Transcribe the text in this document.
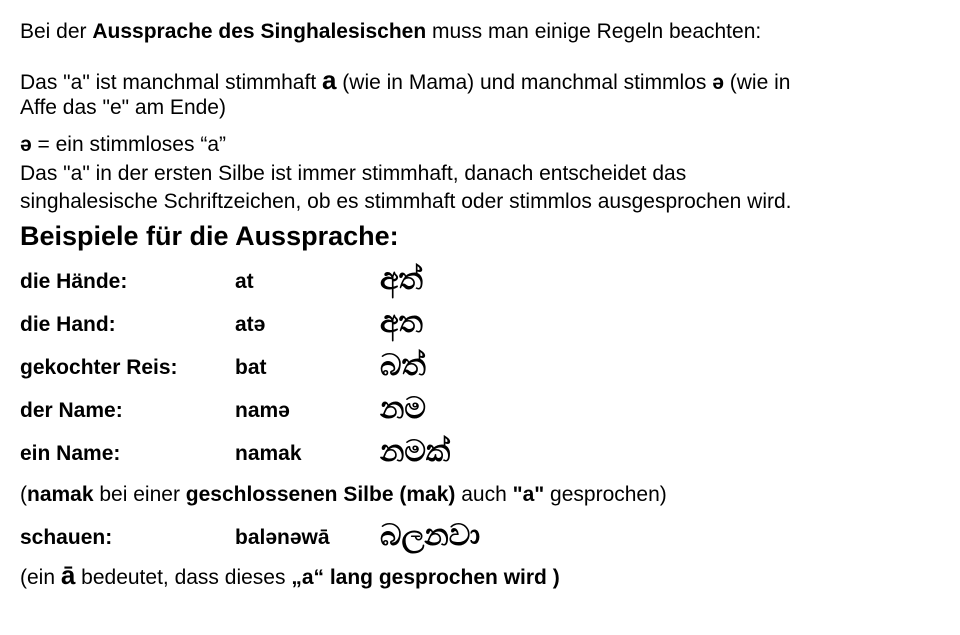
Bei der Aussprache des Singhalesischen muss man einige Regeln beachten:
Das "a" ist manchmal stimmhaft a (wie in Mama) und manchmal stimmlos ə (wie in
Affe das "e" am Ende)
ə = ein stimmloses “a”
Das "a" in der ersten Silbe ist immer stimmhaft, danach entscheidet das
singhalesische Schriftzeichen, ob es stimmhaft oder stimmlos ausgesprochen wird.
Beispiele für die Aussprache:
die Hände:	at	අත්
die Hand:	atə	අත
gekochter Reis:	bat	බත්
der Name:	namə	නම
ein Name:	namak	නමක්
(namak bei einer geschlossenen Silbe (mak) auch "a" gesprochen)
schauen:	balənəwā බලනවා
(ein ā bedeutet, dass dieses „a“ lang gesprochen wird )
